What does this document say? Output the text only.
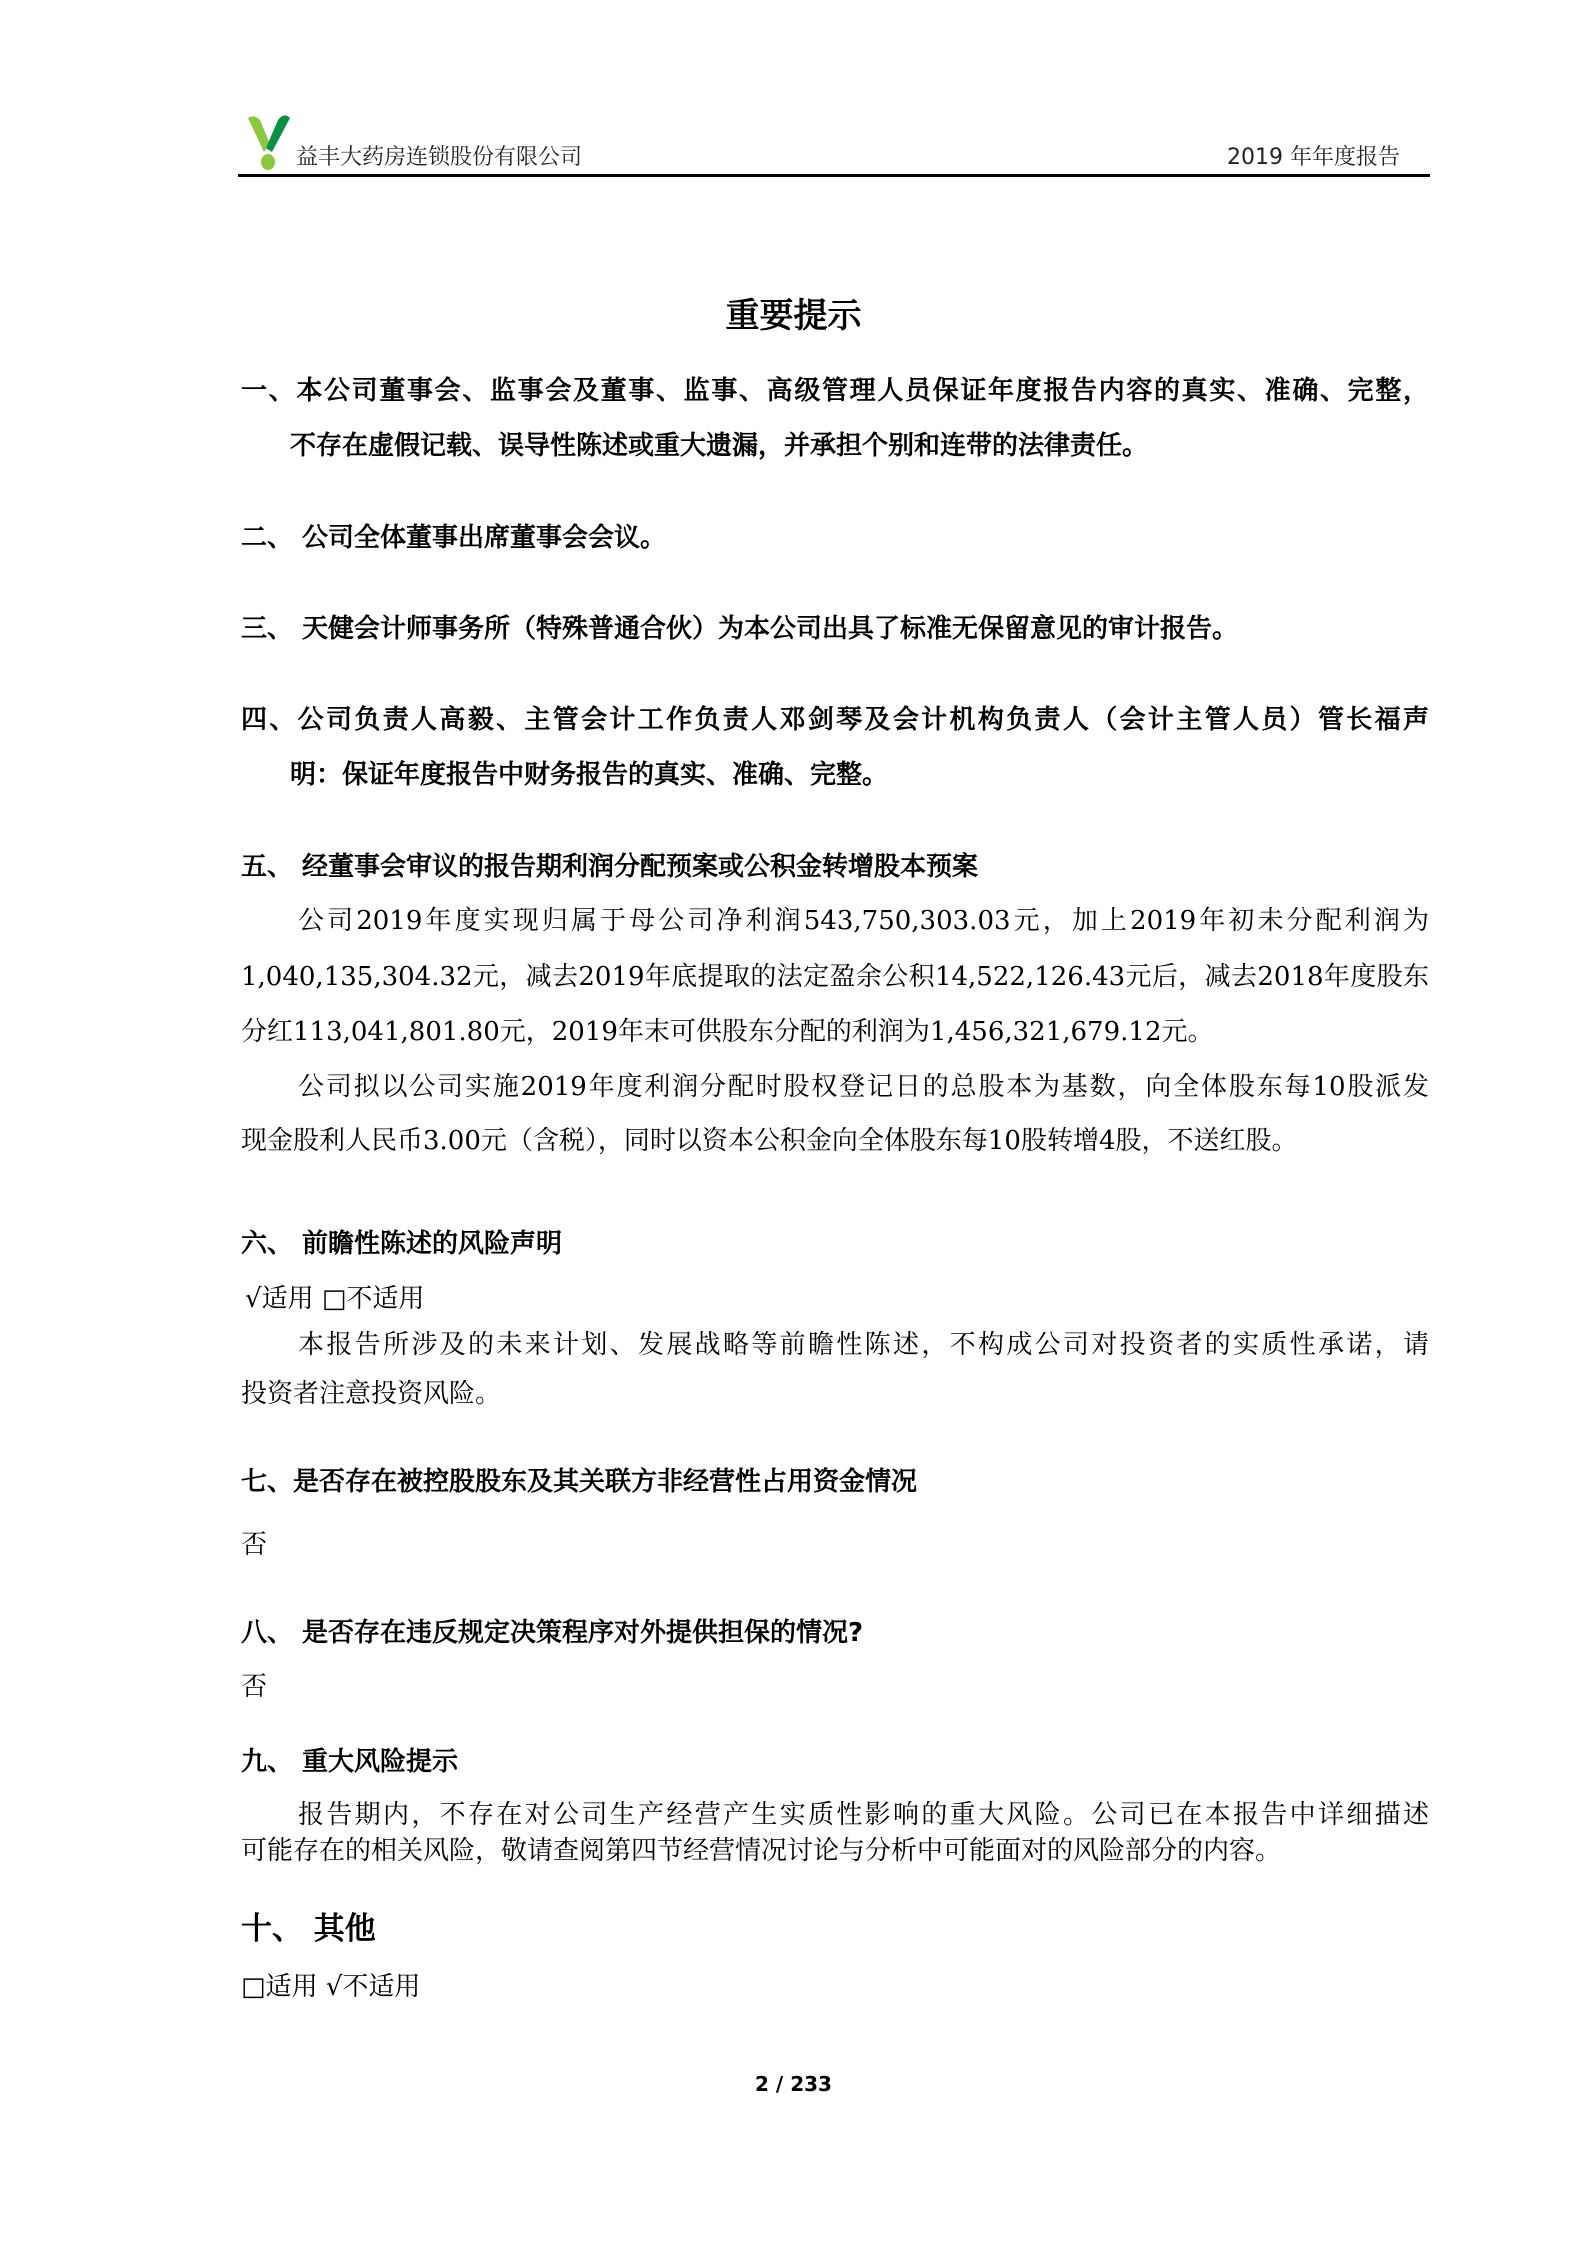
益丰大药房连锁股份有限公司	2019 年年度报告
重要提示
一、本公司董事会、监事会及董事、监事、高级管理人员保证年度报告内容的真实、准确、完整，
不存在虚假记载、误导性陈述或重大遗漏，并承担个别和连带的法律责任。
二、 公司全体董事出席董事会会议。
三、 天健会计师事务所（特殊普通合伙）为本公司出具了标准无保留意见的审计报告。
四、公司负责人高毅、主管会计工作负责人邓剑琴及会计机构负责人（会计主管人员）管长福声
明：保证年度报告中财务报告的真实、准确、完整。
五、 经董事会审议的报告期利润分配预案或公积金转增股本预案
公司2019年度实现归属于母公司净利润543,750,303.03元，加上2019年初未分配利润为
1,040,135,304.32元，减去2019年底提取的法定盈余公积14,522,126.43元后，减去2018年度股东
分红113,041,801.80元，2019年末可供股东分配的利润为1,456,321,679.12元。
公司拟以公司实施2019年度利润分配时股权登记日的总股本为基数，向全体股东每10股派发
现金股利人民币3.00元（含税），同时以资本公积金向全体股东每10股转增4股，不送红股。
六、 前瞻性陈述的风险声明
√适用 □不适用
本报告所涉及的未来计划、发展战略等前瞻性陈述，不构成公司对投资者的实质性承诺，请
投资者注意投资风险。
七、是否存在被控股股东及其关联方非经营性占用资金情况
否
八、 是否存在违反规定决策程序对外提供担保的情况?
否
九、 重大风险提示
报告期内，不存在对公司生产经营产生实质性影响的重大风险。公司已在本报告中详细描述
可能存在的相关风险，敬请查阅第四节经营情况讨论与分析中可能面对的风险部分的内容。
十、 其他
□适用 √不适用
2 / 233
